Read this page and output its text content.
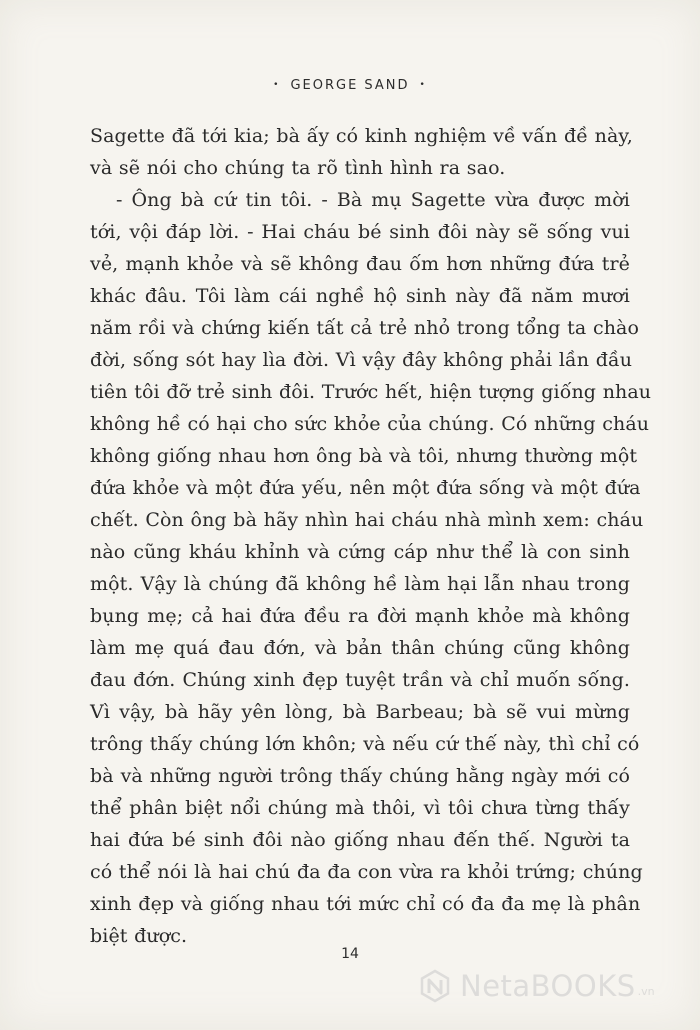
• GEORGE SAND •
Sagette đã tới kia; bà ấy có kinh nghiệm về vấn đề này,
và sẽ nói cho chúng ta rõ tình hình ra sao.
- Ông bà cứ tin tôi. - Bà mụ Sagette vừa được mời
tới, vội đáp lời. - Hai cháu bé sinh đôi này sẽ sống vui
vẻ, mạnh khỏe và sẽ không đau ốm hơn những đứa trẻ
khác đâu. Tôi làm cái nghề hộ sinh này đã năm mươi
năm rồi và chứng kiến tất cả trẻ nhỏ trong tổng ta chào
đời, sống sót hay lìa đời. Vì vậy đây không phải lần đầu
tiên tôi đỡ trẻ sinh đôi. Trước hết, hiện tượng giống nhau
không hề có hại cho sức khỏe của chúng. Có những cháu
không giống nhau hơn ông bà và tôi, nhưng thường một
đứa khỏe và một đứa yếu, nên một đứa sống và một đứa
chết. Còn ông bà hãy nhìn hai cháu nhà mình xem: cháu
nào cũng kháu khỉnh và cứng cáp như thể là con sinh
một. Vậy là chúng đã không hề làm hại lẫn nhau trong
bụng mẹ; cả hai đứa đều ra đời mạnh khỏe mà không
làm mẹ quá đau đớn, và bản thân chúng cũng không
đau đớn. Chúng xinh đẹp tuyệt trần và chỉ muốn sống.
Vì vậy, bà hãy yên lòng, bà Barbeau; bà sẽ vui mừng
trông thấy chúng lớn khôn; và nếu cứ thế này, thì chỉ có
bà và những người trông thấy chúng hằng ngày mới có
thể phân biệt nổi chúng mà thôi, vì tôi chưa từng thấy
hai đứa bé sinh đôi nào giống nhau đến thế. Người ta
có thể nói là hai chú đa đa con vừa ra khỏi trứng; chúng
xinh đẹp và giống nhau tới mức chỉ có đa đa mẹ là phân
biệt được.
14
NetaBOOKS .vn
